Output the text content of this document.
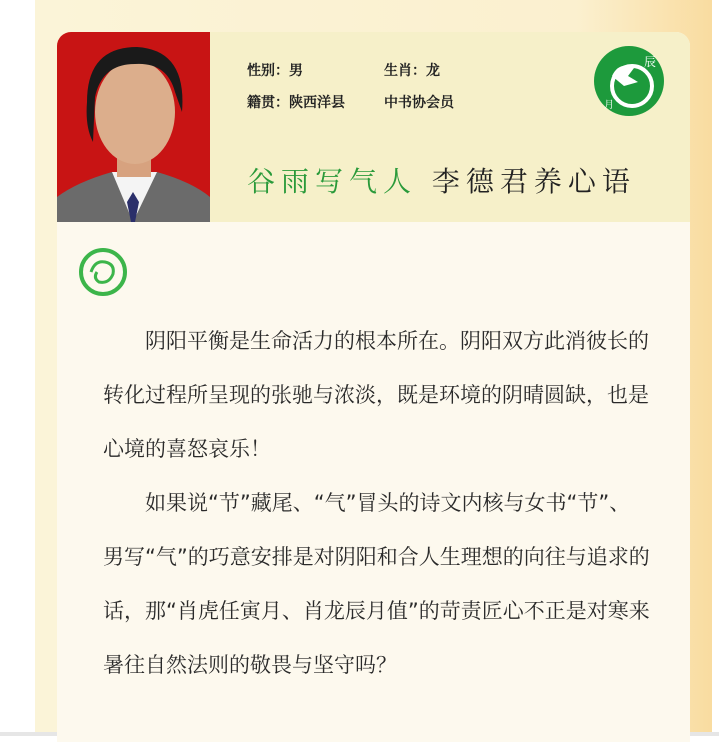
性别：男	生肖：龙
籍贯：陕西洋县	中书协会员
谷雨写气人 李德君养心语
辰
月

阴阳平衡是生命活力的根本所在。阴阳双方此消彼长的转化过程所呈现的张驰与浓淡，既是环境的阴晴圆缺，也是心境的喜怒哀乐！

如果说“节”藏尾、“气”冒头的诗文内核与女书“节”、男写“气”的巧意安排是对阴阳和合人生理想的向往与追求的话，那“肖虎任寅月、肖龙辰月值”的苛责匠心不正是对寒来暑往自然法则的敬畏与坚守吗？
